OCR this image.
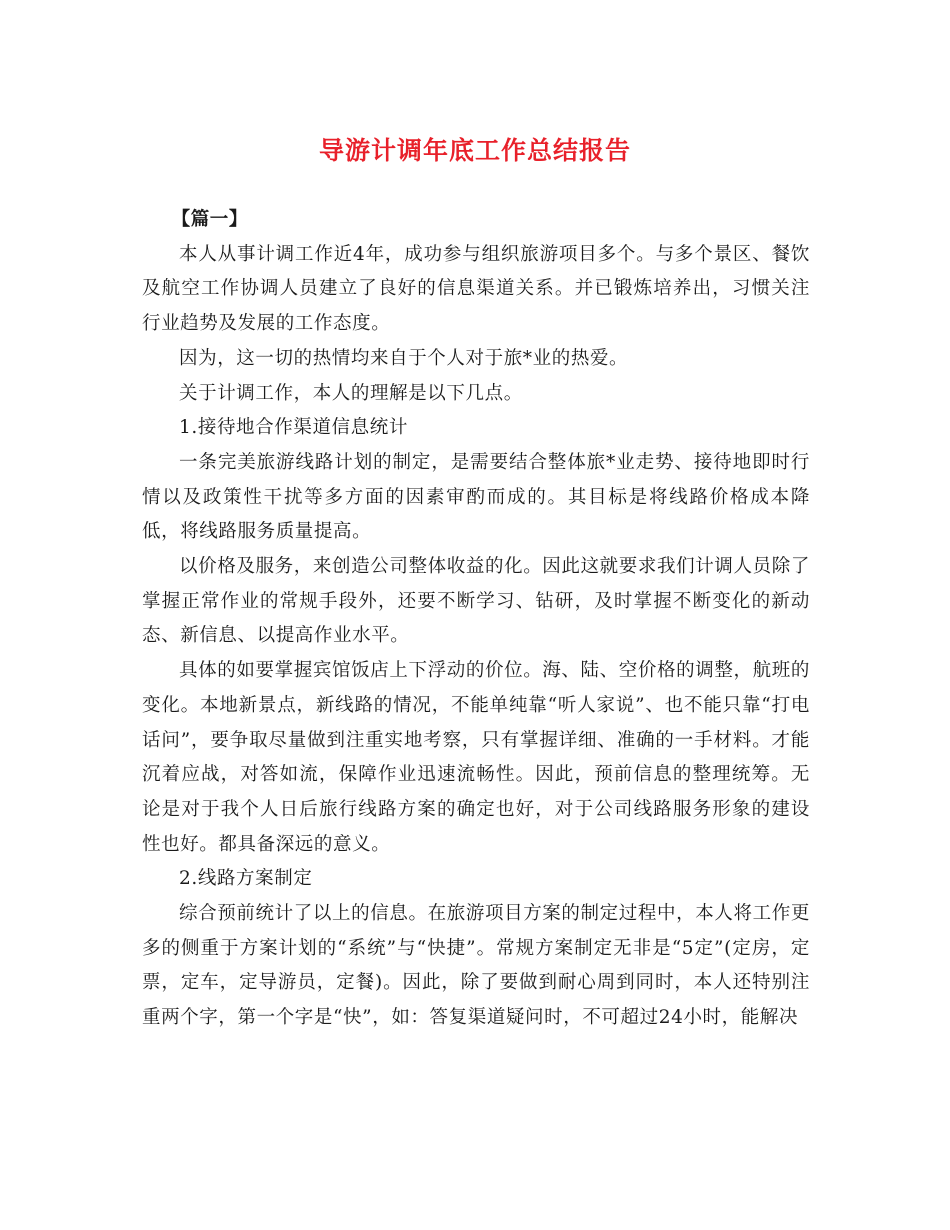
导游计调年底工作总结报告

【篇一】

本人从事计调工作近4年，成功参与组织旅游项目多个。与多个景区、餐饮及航空工作协调人员建立了良好的信息渠道关系。并已锻炼培养出，习惯关注行业趋势及发展的工作态度。

因为，这一切的热情均来自于个人对于旅*业的热爱。

关于计调工作，本人的理解是以下几点。

1.接待地合作渠道信息统计

一条完美旅游线路计划的制定，是需要结合整体旅*业走势、接待地即时行情以及政策性干扰等多方面的因素审酌而成的。其目标是将线路价格成本降低，将线路服务质量提高。

以价格及服务，来创造公司整体收益的化。因此这就要求我们计调人员除了掌握正常作业的常规手段外，还要不断学习、钻研，及时掌握不断变化的新动态、新信息、以提高作业水平。

具体的如要掌握宾馆饭店上下浮动的价位。海、陆、空价格的调整，航班的变化。本地新景点，新线路的情况，不能单纯靠“听人家说”、也不能只靠“打电话问”，要争取尽量做到注重实地考察，只有掌握详细、准确的一手材料。才能沉着应战，对答如流，保障作业迅速流畅性。因此，预前信息的整理统筹。无论是对于我个人日后旅行线路方案的确定也好，对于公司线路服务形象的建设性也好。都具备深远的意义。

2.线路方案制定

综合预前统计了以上的信息。在旅游项目方案的制定过程中，本人将工作更多的侧重于方案计划的“系统”与“快捷”。常规方案制定无非是“5定”(定房，定票，定车，定导游员，定餐)。因此，除了要做到耐心周到同时，本人还特别注重两个字，第一个字是“快”，如：答复渠道疑问时，不可超过24小时，能解决
